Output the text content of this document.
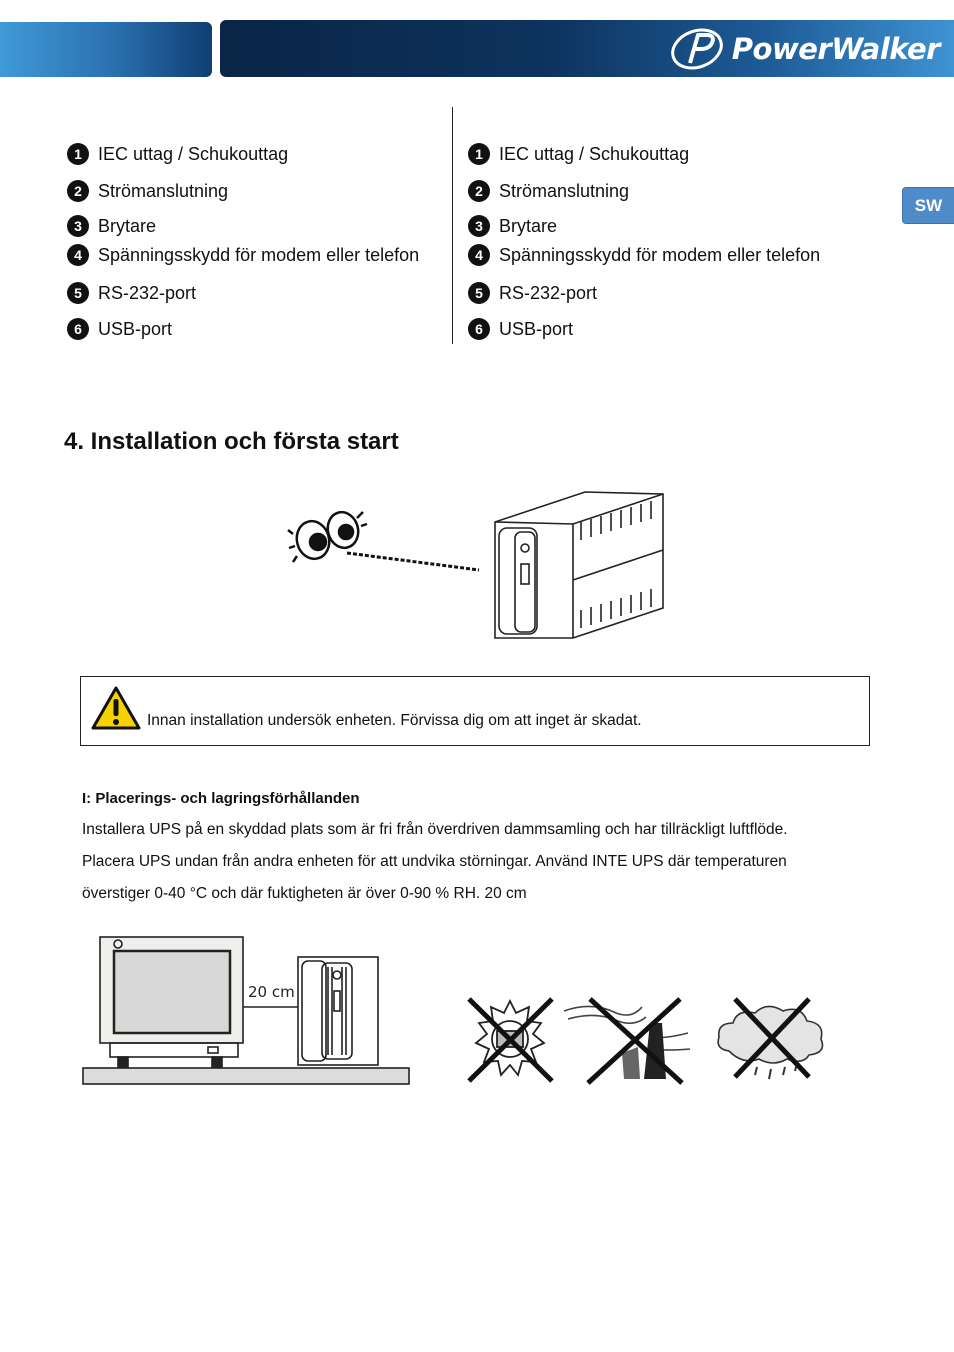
PowerWalker
SW
1 IEC uttag / Schukouttag
2 Strömanslutning
3 Brytare
4 Spänningsskydd för modem eller telefon
5 RS-232-port
6 USB-port
1 IEC uttag / Schukouttag
2 Strömanslutning
3 Brytare
4 Spänningsskydd för modem eller telefon
5 RS-232-port
6 USB-port
4. Installation och första start
Innan installation undersök enheten. Förvissa dig om att inget är skadat.
I: Placerings- och lagringsförhållanden
Installera UPS på en skyddad plats som är fri från överdriven dammsamling och har tillräckligt luftflöde.
Placera UPS undan från andra enheten för att undvika störningar. Använd INTE UPS där temperaturen
överstiger 0-40 °C och där fuktigheten är över 0-90 % RH. 20 cm
20 cm
